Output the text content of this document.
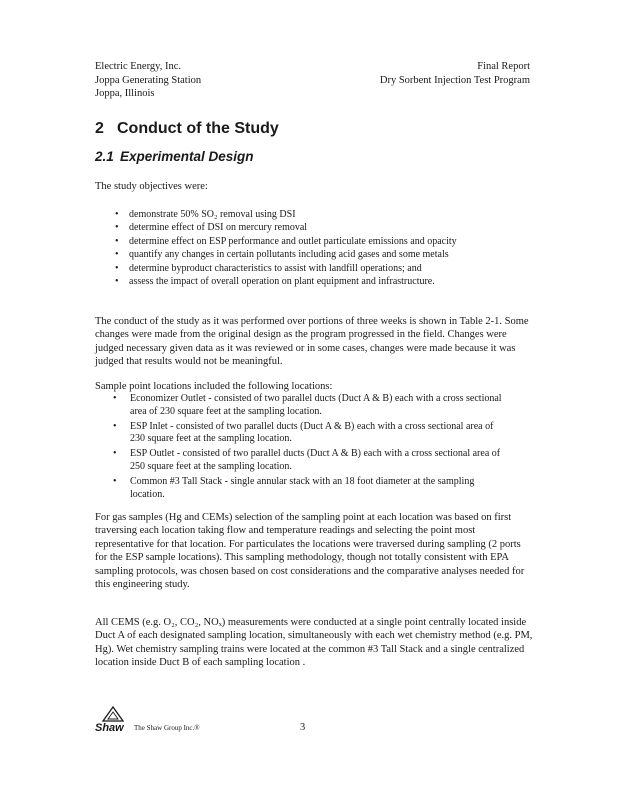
Electric Energy, Inc.
Joppa Generating Station
Joppa, Illinois
Final Report
Dry Sorbent Injection Test Program
2 Conduct of the Study
2.1 Experimental Design
The study objectives were:
• demonstrate 50% SO₂ removal using DSI
• determine effect of DSI on mercury removal
• determine effect on ESP performance and outlet particulate emissions and opacity
• quantify any changes in certain pollutants including acid gases and some metals
• determine byproduct characteristics to assist with landfill operations; and
• assess the impact of overall operation on plant equipment and infrastructure.
The conduct of the study as it was performed over portions of three weeks is shown in Table 2-1. Some changes were made from the original design as the program progressed in the field. Changes were judged necessary given data as it was reviewed or in some cases, changes were made because it was judged that results would not be meaningful.
Sample point locations included the following locations:
• Economizer Outlet - consisted of two parallel ducts (Duct A & B) each with a cross sectional area of 230 square feet at the sampling location.
• ESP Inlet - consisted of two parallel ducts (Duct A & B) each with a cross sectional area of 230 square feet at the sampling location.
• ESP Outlet - consisted of two parallel ducts (Duct A & B) each with a cross sectional area of 250 square feet at the sampling location.
• Common #3 Tall Stack - single annular stack with an 18 foot diameter at the sampling location.
For gas samples (Hg and CEMs) selection of the sampling point at each location was based on first traversing each location taking flow and temperature readings and selecting the point most representative for that location. For particulates the locations were traversed during sampling (2 ports for the ESP sample locations). This sampling methodology, though not totally consistent with EPA sampling protocols, was chosen based on cost considerations and the comparative analyses needed for this engineering study.
All CEMS (e.g. O₂, CO₂, NOₓ) measurements were conducted at a single point centrally located inside Duct A of each designated sampling location, simultaneously with each wet chemistry method (e.g. PM, Hg). Wet chemistry sampling trains were located at the common #3 Tall Stack and a single centralized location inside Duct B of each sampling location .
Shaw The Shaw Group Inc.®	3
